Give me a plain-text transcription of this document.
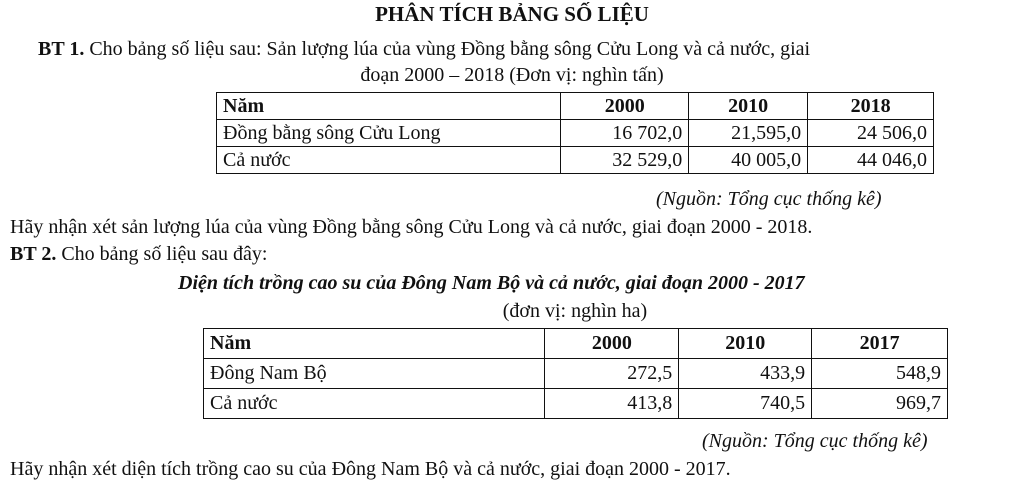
PHÂN TÍCH BẢNG SỐ LIỆU
BT 1. Cho bảng số liệu sau: Sản lượng lúa của vùng Đồng bằng sông Cửu Long và cả nước, giai
đoạn 2000 – 2018 (Đơn vị: nghìn tấn)
Năm	2000	2010	2018
Đồng bằng sông Cửu Long	16 702,0	21,595,0	24 506,0
Cả nước	32 529,0	40 005,0	44 046,0
(Nguồn: Tổng cục thống kê)
Hãy nhận xét sản lượng lúa của vùng Đồng bằng sông Cửu Long và cả nước, giai đoạn 2000 - 2018.
BT 2. Cho bảng số liệu sau đây:
Diện tích trồng cao su của Đông Nam Bộ và cả nước, giai đoạn 2000 - 2017
(đơn vị: nghìn ha)
Năm	2000	2010	2017
Đông Nam Bộ	272,5	433,9	548,9
Cả nước	413,8	740,5	969,7
(Nguồn: Tổng cục thống kê)
Hãy nhận xét diện tích trồng cao su của Đông Nam Bộ và cả nước, giai đoạn 2000 - 2017.
